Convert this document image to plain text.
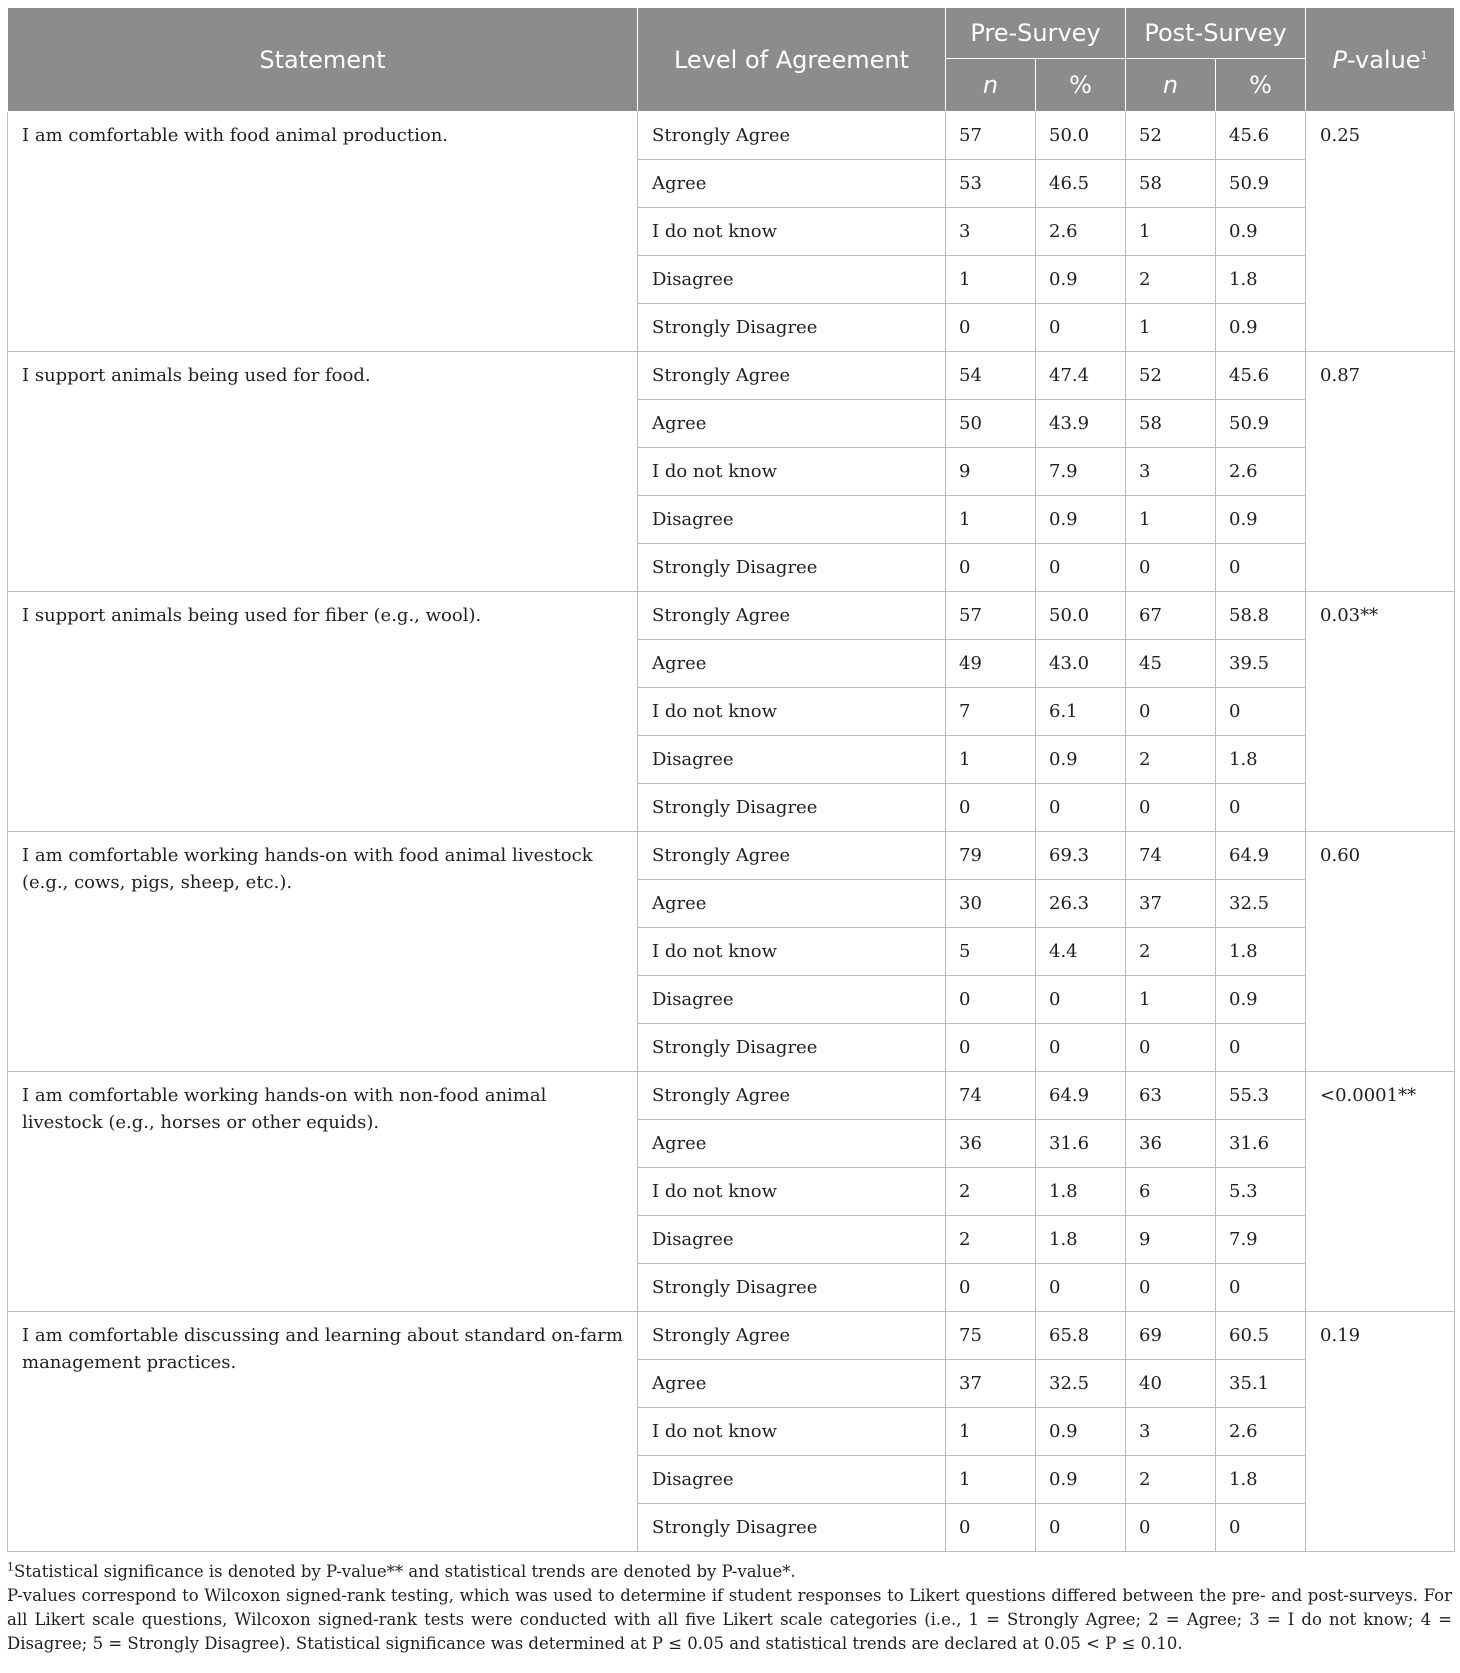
Statement	Level of Agreement	Pre-Survey		Post-Survey		P-value$^1$
		n	%	n	%	
I am comfortable with food animal production.	Strongly Agree	57	50.0	52	45.6	0.25
	Agree	53	46.5	58	50.9	
	I do not know	3	2.6	1	0.9	
	Disagree	1	0.9	2	1.8	
	Strongly Disagree	0	0	1	0.9	
I support animals being used for food.	Strongly Agree	54	47.4	52	45.6	0.87
	Agree	50	43.9	58	50.9	
	I do not know	9	7.9	3	2.6	
	Disagree	1	0.9	1	0.9	
	Strongly Disagree	0	0	0	0	
I support animals being used for fiber (e.g., wool).	Strongly Agree	57	50.0	67	58.8	0.03**
	Agree	49	43.0	45	39.5	
	I do not know	7	6.1	0	0	
	Disagree	1	0.9	2	1.8	
	Strongly Disagree	0	0	0	0	
I am comfortable working hands-on with food animal livestock (e.g., cows, pigs, sheep, etc.).	Strongly Agree	79	69.3	74	64.9	0.60
	Agree	30	26.3	37	32.5	
	I do not know	5	4.4	2	1.8	
	Disagree	0	0	1	0.9	
	Strongly Disagree	0	0	0	0	
I am comfortable working hands-on with non-food animal livestock (e.g., horses or other equids).	Strongly Agree	74	64.9	63	55.3	<0.0001**
	Agree	36	31.6	36	31.6	
	I do not know	2	1.8	6	5.3	
	Disagree	2	1.8	9	7.9	
	Strongly Disagree	0	0	0	0	
I am comfortable discussing and learning about standard on-farm management practices.	Strongly Agree	75	65.8	69	60.5	0.19
	Agree	37	32.5	40	35.1	
	I do not know	1	0.9	3	2.6	
	Disagree	1	0.9	2	1.8	
	Strongly Disagree	0	0	0	0	

$^1$Statistical significance is denoted by P-value** and statistical trends are denoted by P-value*.

P-values correspond to Wilcoxon signed-rank testing, which was used to determine if student responses to Likert questions differed between the pre- and post-surveys. For all Likert scale questions, Wilcoxon signed-rank tests were conducted with all five Likert scale categories (i.e., 1 = Strongly Agree; 2 = Agree; 3 = I do not know; 4 = Disagree; 5 = Strongly Disagree). Statistical significance was determined at P ≤ 0.05 and statistical trends are declared at 0.05 < P ≤ 0.10.
